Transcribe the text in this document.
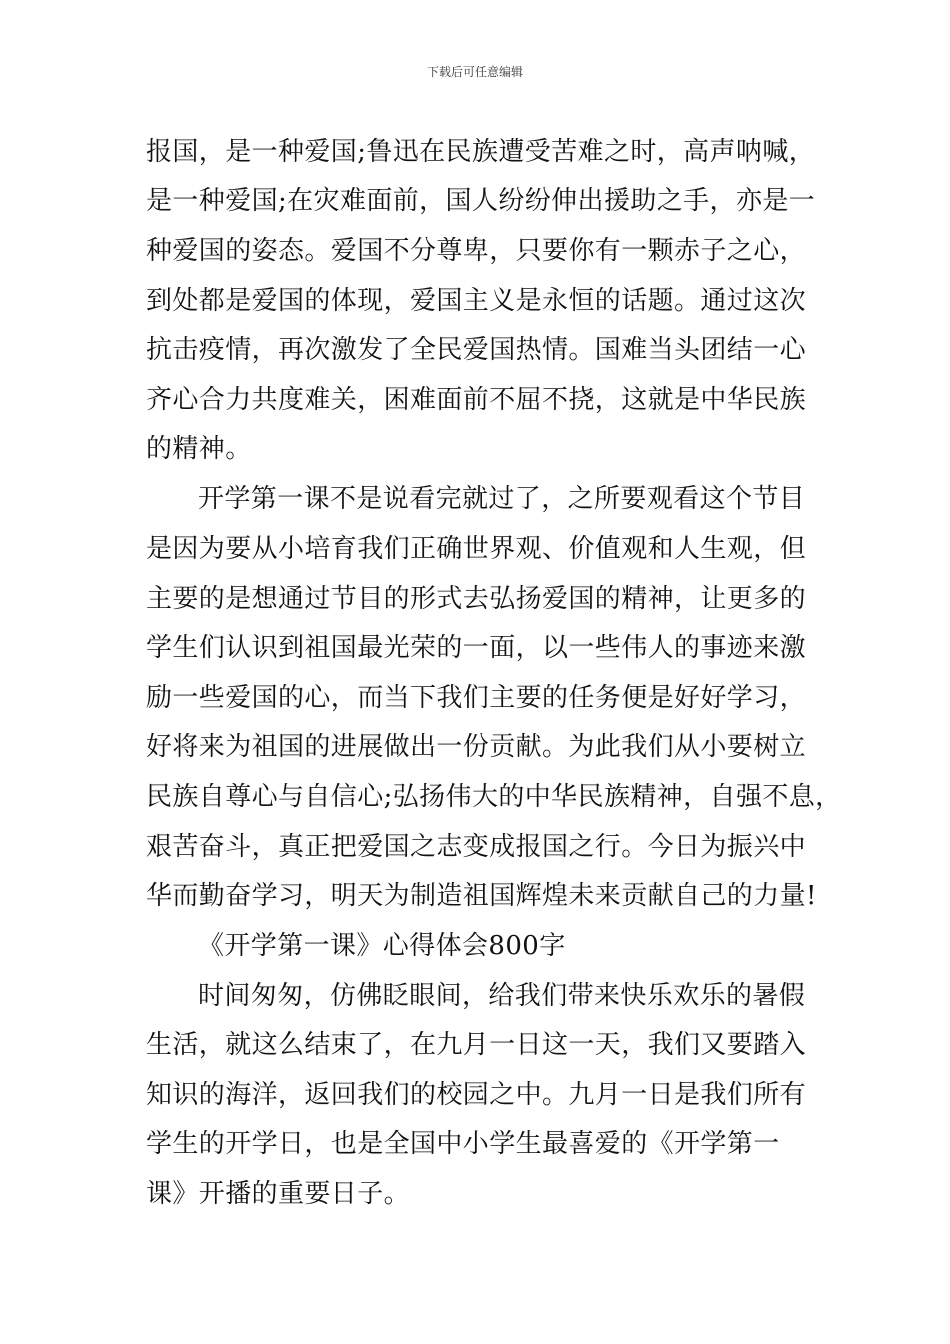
下载后可任意编辑
报国，是一种爱国;鲁迅在民族遭受苦难之时，高声呐喊，
是一种爱国;在灾难面前，国人纷纷伸出援助之手，亦是一
种爱国的姿态。爱国不分尊卑，只要你有一颗赤子之心，
到处都是爱国的体现，爱国主义是永恒的话题。通过这次
抗击疫情，再次激发了全民爱国热情。国难当头团结一心
齐心合力共度难关，困难面前不屈不挠，这就是中华民族
的精神。
开学第一课不是说看完就过了，之所要观看这个节目
是因为要从小培育我们正确世界观、价值观和人生观，但
主要的是想通过节目的形式去弘扬爱国的精神，让更多的
学生们认识到祖国最光荣的一面，以一些伟人的事迹来激
励一些爱国的心，而当下我们主要的任务便是好好学习，
好将来为祖国的进展做出一份贡献。为此我们从小要树立
民族自尊心与自信心;弘扬伟大的中华民族精神，自强不息，
艰苦奋斗，真正把爱国之志变成报国之行。今日为振兴中
华而勤奋学习，明天为制造祖国辉煌未来贡献自己的力量!
《开学第一课》心得体会800字
时间匆匆，仿佛眨眼间，给我们带来快乐欢乐的暑假
生活，就这么结束了，在九月一日这一天，我们又要踏入
知识的海洋，返回我们的校园之中。九月一日是我们所有
学生的开学日，也是全国中小学生最喜爱的《开学第一
课》开播的重要日子。
